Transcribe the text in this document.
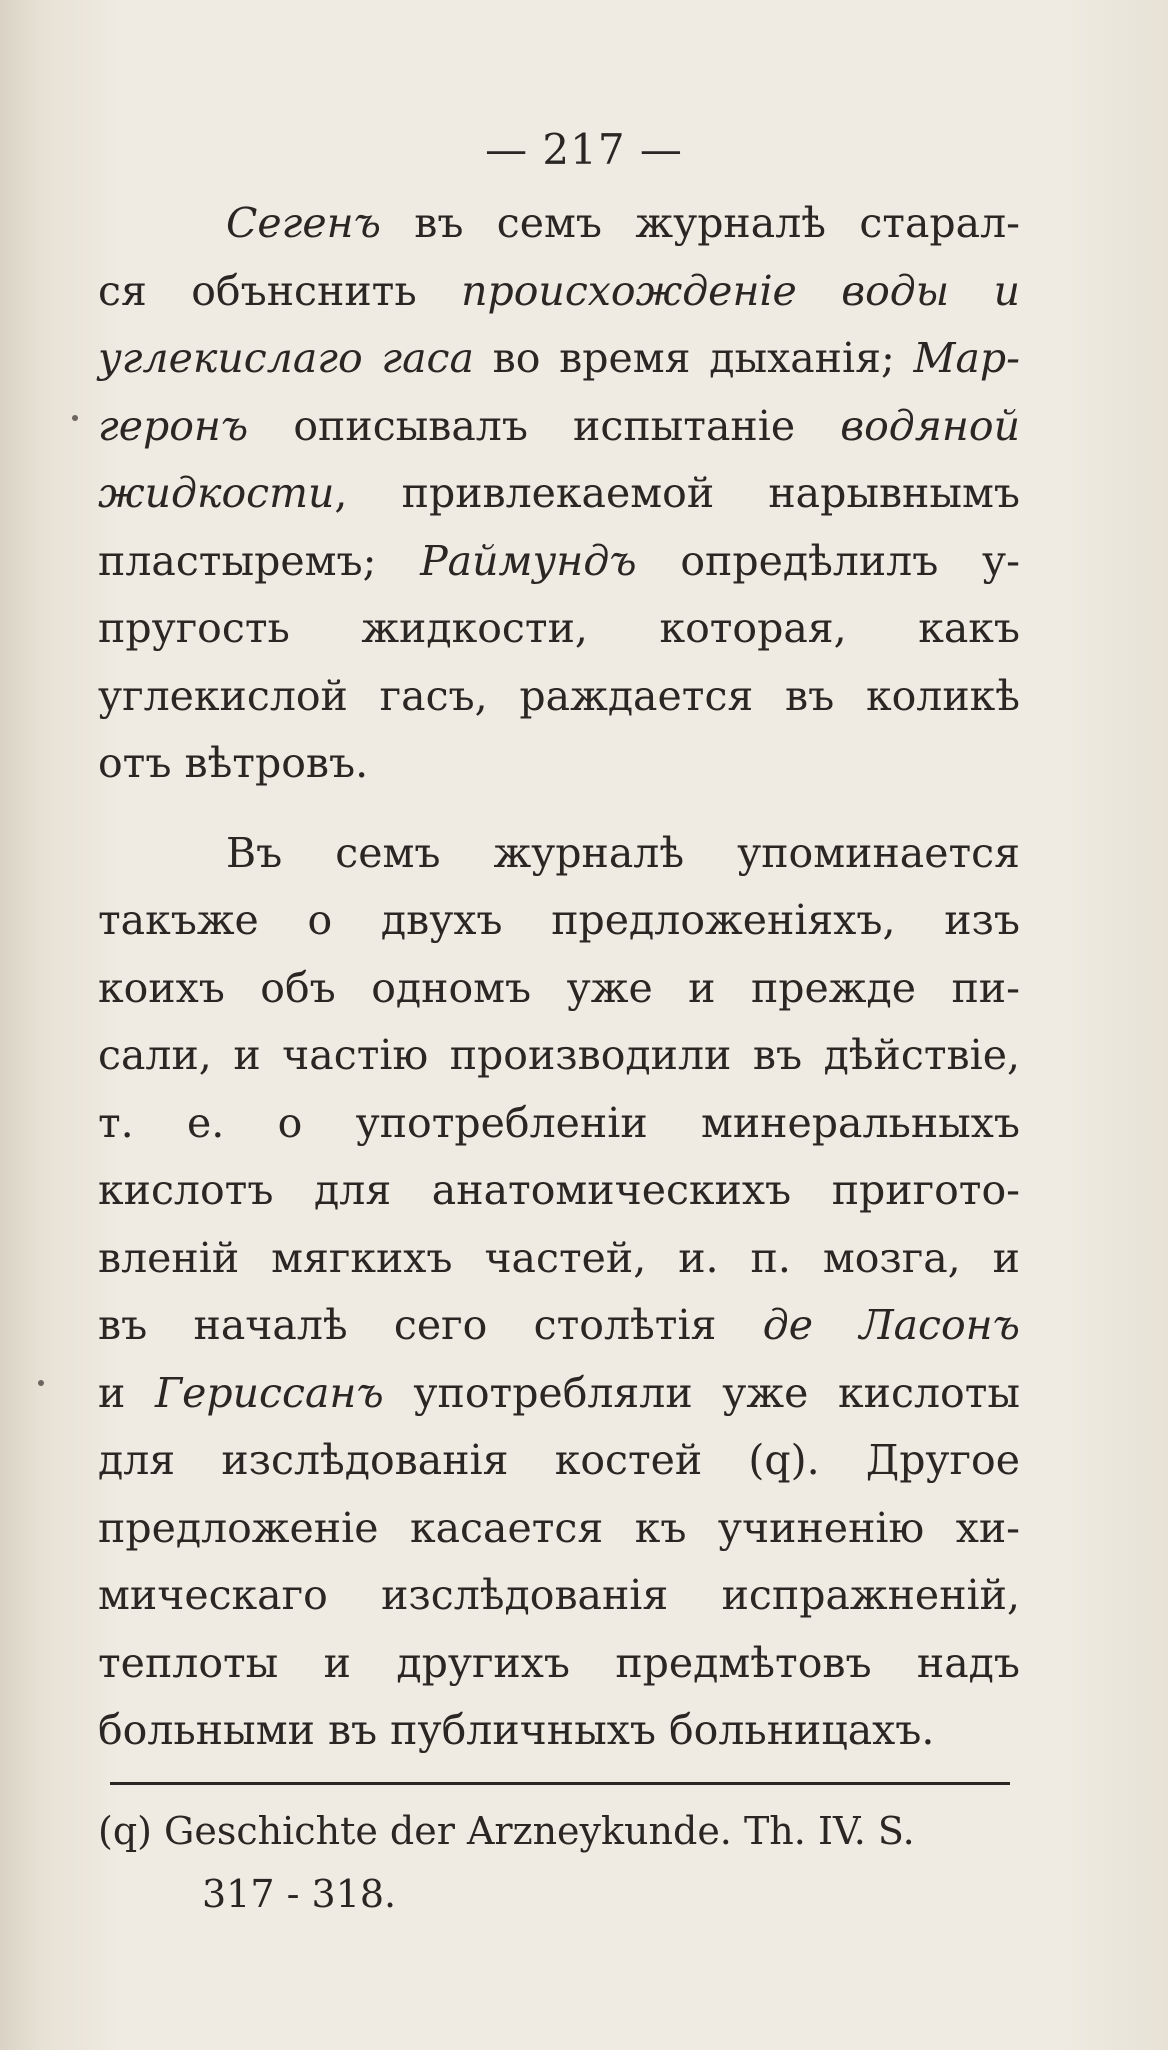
— 217 —
Сегенъ въ семъ журналѣ старал-
ся обънснить происхожденіе воды и
углекислаго гаса во время дыханія; Мар-
геронъ описывалъ испытаніе водяной
жидкости, привлекаемой нарывнымъ
пластыремъ; Раймундъ опредѣлилъ у-
пругость жидкости, которая, какъ
углекислой гасъ, раждается въ коликѣ
отъ вѣтровъ.
Въ семъ журналѣ упоминается
такъже о двухъ предложеніяхъ, изъ
коихъ объ одномъ уже и прежде пи-
сали, и частію производили въ дѣйствіе,
т. е. о употребленіи минеральныхъ
кислотъ для анатомическихъ пригото-
вленій мягкихъ частей, и. п. мозга, и
въ началѣ сего столѣтія де Ласонъ
и Гериссанъ употребляли уже кислоты
для изслѣдованія костей (q). Другое
предложеніе касается къ учиненію хи-
мическаго изслѣдованія испражненій,
теплоты и другихъ предмѣтовъ надъ
больными въ публичныхъ больницахъ.
(q) Geschichte der Arzneykunde. Th. IV. S.
317 - 318.
